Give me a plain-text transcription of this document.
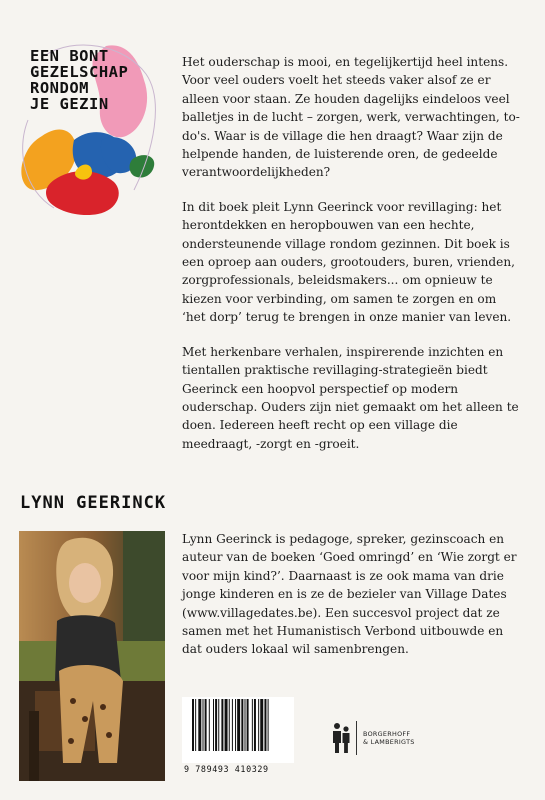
EEN BONT
GEZELSCHAP
RONDOM
JE GEZIN

Het ouderschap is mooi, en tegelijkertijd heel intens. Voor veel ouders voelt het steeds vaker alsof ze er alleen voor staan. Ze houden dagelijks eindeloos veel balletjes in de lucht – zorgen, werk, verwachtingen, to-do's. Waar is de village die hen draagt? Waar zijn de helpende handen, de luisterende oren, de gedeelde verantwoordelijkheden?

In dit boek pleit Lynn Geerinck voor revillaging: het herontdekken en heropbouwen van een hechte, ondersteunende village rondom gezinnen. Dit boek is een oproep aan ouders, grootouders, buren, vrienden, zorgprofessionals, beleidsmakers... om opnieuw te kiezen voor verbinding, om samen te zorgen en om ‘het dorp’ terug te brengen in onze manier van leven.

Met herkenbare verhalen, inspirerende inzichten en tientallen praktische revillaging-strategieën biedt Geerinck een hoopvol perspectief op modern ouderschap. Ouders zijn niet gemaakt om het alleen te doen. Iedereen heeft recht op een village die meedraagt, -zorgt en -groeit.

LYNN GEERINCK
Lynn Geerinck is pedagoge, spreker, gezinscoach en auteur van de boeken ‘Goed omringd’ en ‘Wie zorgt er voor mijn kind?’. Daarnaast is ze ook mama van drie jonge kinderen en is ze de bezieler van Village Dates (www.villagedates.be). Een succesvol project dat ze samen met het Humanistisch Verbond uitbouwde en dat ouders lokaal wil samenbrengen.
9 789493 410329
BORGERHOFF
& LAMBERIGTS
